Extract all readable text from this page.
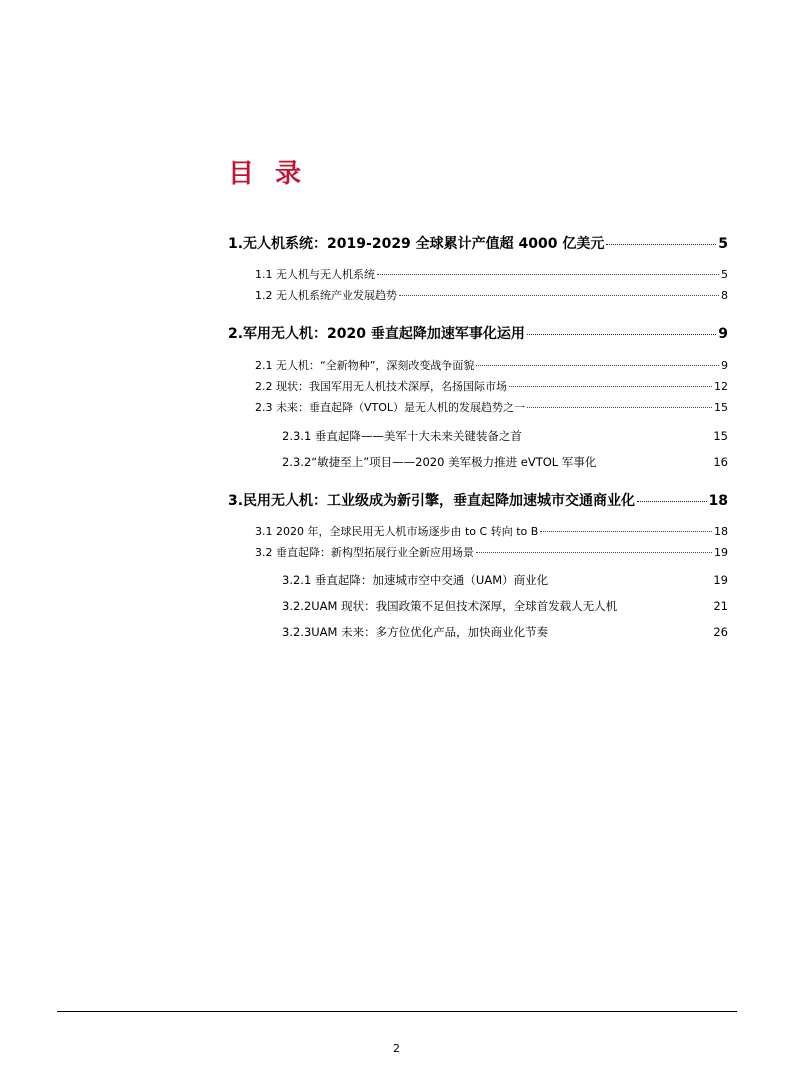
目 录
1.无人机系统：2019-2029 全球累计产值超 4000 亿美元	5
1.1 无人机与无人机系统	5
1.2 无人机系统产业发展趋势	8
2.军用无人机：2020 垂直起降加速军事化运用	9
2.1 无人机：“全新物种”，深刻改变战争面貌	9
2.2 现状：我国军用无人机技术深厚，名扬国际市场	12
2.3 未来：垂直起降（VTOL）是无人机的发展趋势之一	15
2.3.1 垂直起降——美军十大未来关键装备之首	15
2.3.2“敏捷至上”项目——2020 美军极力推进 eVTOL 军事化	16
3.民用无人机：工业级成为新引擎，垂直起降加速城市交通商业化	18
3.1 2020 年，全球民用无人机市场逐步由 to C 转向 to B	18
3.2 垂直起降：新构型拓展行业全新应用场景	19
3.2.1 垂直起降：加速城市空中交通（UAM）商业化	19
3.2.2UAM 现状：我国政策不足但技术深厚，全球首发载人无人机	21
3.2.3UAM 未来：多方位优化产品，加快商业化节奏	26
2
